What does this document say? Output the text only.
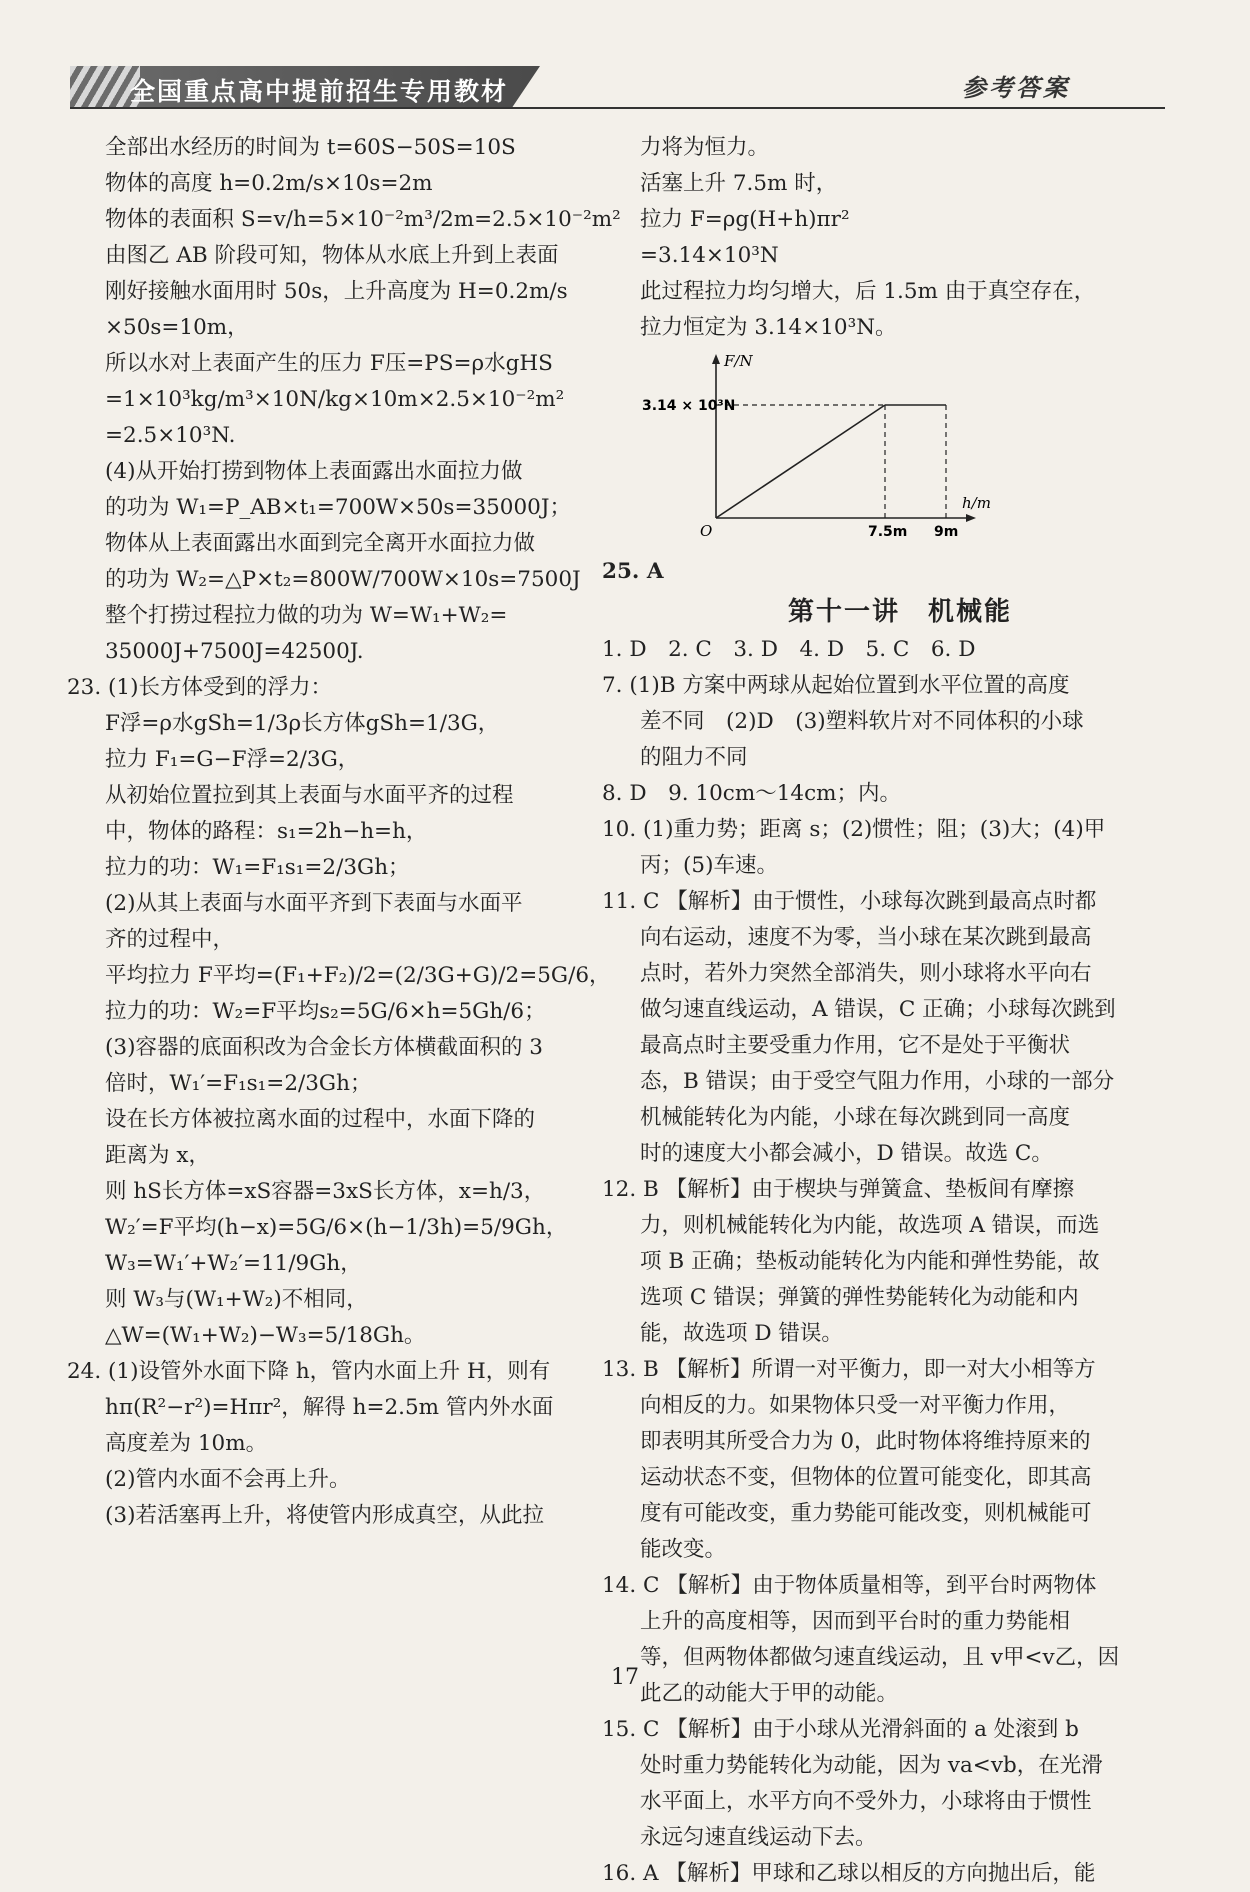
全国重点高中提前招生专用教材	参考答案
全部出水经历的时间为 t=60S−50S=10S
物体的高度 h=0.2m/s×10s=2m
物体的表面积 S=v/h=5×10⁻²m³/2m=2.5×10⁻²m²
由图乙 AB 阶段可知，物体从水底上升到上表面
刚好接触水面用时 50s，上升高度为 H=0.2m/s
×50s=10m，
所以水对上表面产生的压力 F压=PS=ρ水gHS
=1×10³kg/m³×10N/kg×10m×2.5×10⁻²m²
=2.5×10³N.
(4)从开始打捞到物体上表面露出水面拉力做
的功为 W₁=P_AB×t₁=700W×50s=35000J；
物体从上表面露出水面到完全离开水面拉力做
的功为 W₂=△P×t₂=800W/700W×10s=7500J
整个打捞过程拉力做的功为 W=W₁+W₂=
35000J+7500J=42500J.
23. (1)长方体受到的浮力：
F浮=ρ水gSh=1/3ρ长方体gSh=1/3G，
拉力 F₁=G−F浮=2/3G，
从初始位置拉到其上表面与水面平齐的过程
中，物体的路程：s₁=2h−h=h，
拉力的功：W₁=F₁s₁=2/3Gh；
(2)从其上表面与水面平齐到下表面与水面平
齐的过程中，
平均拉力 F平均=(F₁+F₂)/2=(2/3G+G)/2=5G/6，
拉力的功：W₂=F平均s₂=5G/6×h=5Gh/6；
(3)容器的底面积改为合金长方体横截面积的 3
倍时，W₁′=F₁s₁=2/3Gh；
设在长方体被拉离水面的过程中，水面下降的
距离为 x，
则 hS长方体=xS容器=3xS长方体，x=h/3，
W₂′=F平均(h−x)=5G/6×(h−1/3h)=5/9Gh，
W₃=W₁′+W₂′=11/9Gh，
则 W₃与(W₁+W₂)不相同，
△W=(W₁+W₂)−W₃=5/18Gh。
24. (1)设管外水面下降 h，管内水面上升 H，则有
hπ(R²−r²)=Hπr²，解得 h=2.5m 管内外水面
高度差为 10m。
(2)管内水面不会再上升。
(3)若活塞再上升，将使管内形成真空，从此拉
力将为恒力。
活塞上升 7.5m 时，
拉力 F=ρg(H+h)πr²
=3.14×10³N
此过程拉力均匀增大，后 1.5m 由于真空存在，
拉力恒定为 3.14×10³N。
F/N
3.14 × 10³N
h/m
O	7.5m 9m
25. A
第十一讲　机械能
1. D　2. C　3. D　4. D　5. C　6. D
7. (1)B 方案中两球从起始位置到水平位置的高度
差不同　(2)D　(3)塑料软片对不同体积的小球
的阻力不同
8. D　9. 10cm～14cm；内。
10. (1)重力势；距离 s；(2)惯性；阻；(3)大；(4)甲
丙；(5)车速。
11. C 【解析】由于惯性，小球每次跳到最高点时都
向右运动，速度不为零，当小球在某次跳到最高
点时，若外力突然全部消失，则小球将水平向右
做匀速直线运动，A 错误，C 正确；小球每次跳到
最高点时主要受重力作用，它不是处于平衡状
态，B 错误；由于受空气阻力作用，小球的一部分
机械能转化为内能，小球在每次跳到同一高度
时的速度大小都会减小，D 错误。故选 C。
12. B 【解析】由于楔块与弹簧盒、垫板间有摩擦
力，则机械能转化为内能，故选项 A 错误，而选
项 B 正确；垫板动能转化为内能和弹性势能，故
选项 C 错误；弹簧的弹性势能转化为动能和内
能，故选项 D 错误。
13. B 【解析】所谓一对平衡力，即一对大小相等方
向相反的力。如果物体只受一对平衡力作用，
即表明其所受合力为 0，此时物体将维持原来的
运动状态不变，但物体的位置可能变化，即其高
度有可能改变，重力势能可能改变，则机械能可
能改变。
14. C 【解析】由于物体质量相等，到平台时两物体
上升的高度相等，因而到平台时的重力势能相
等，但两物体都做匀速直线运动，且 v甲<v乙，因
此乙的动能大于甲的动能。
15. C 【解析】由于小球从光滑斜面的 a 处滚到 b
处时重力势能转化为动能，因为 va<vb，在光滑
水平面上，水平方向不受外力，小球将由于惯性
永远匀速直线运动下去。
16. A 【解析】甲球和乙球以相反的方向抛出后，能
17
